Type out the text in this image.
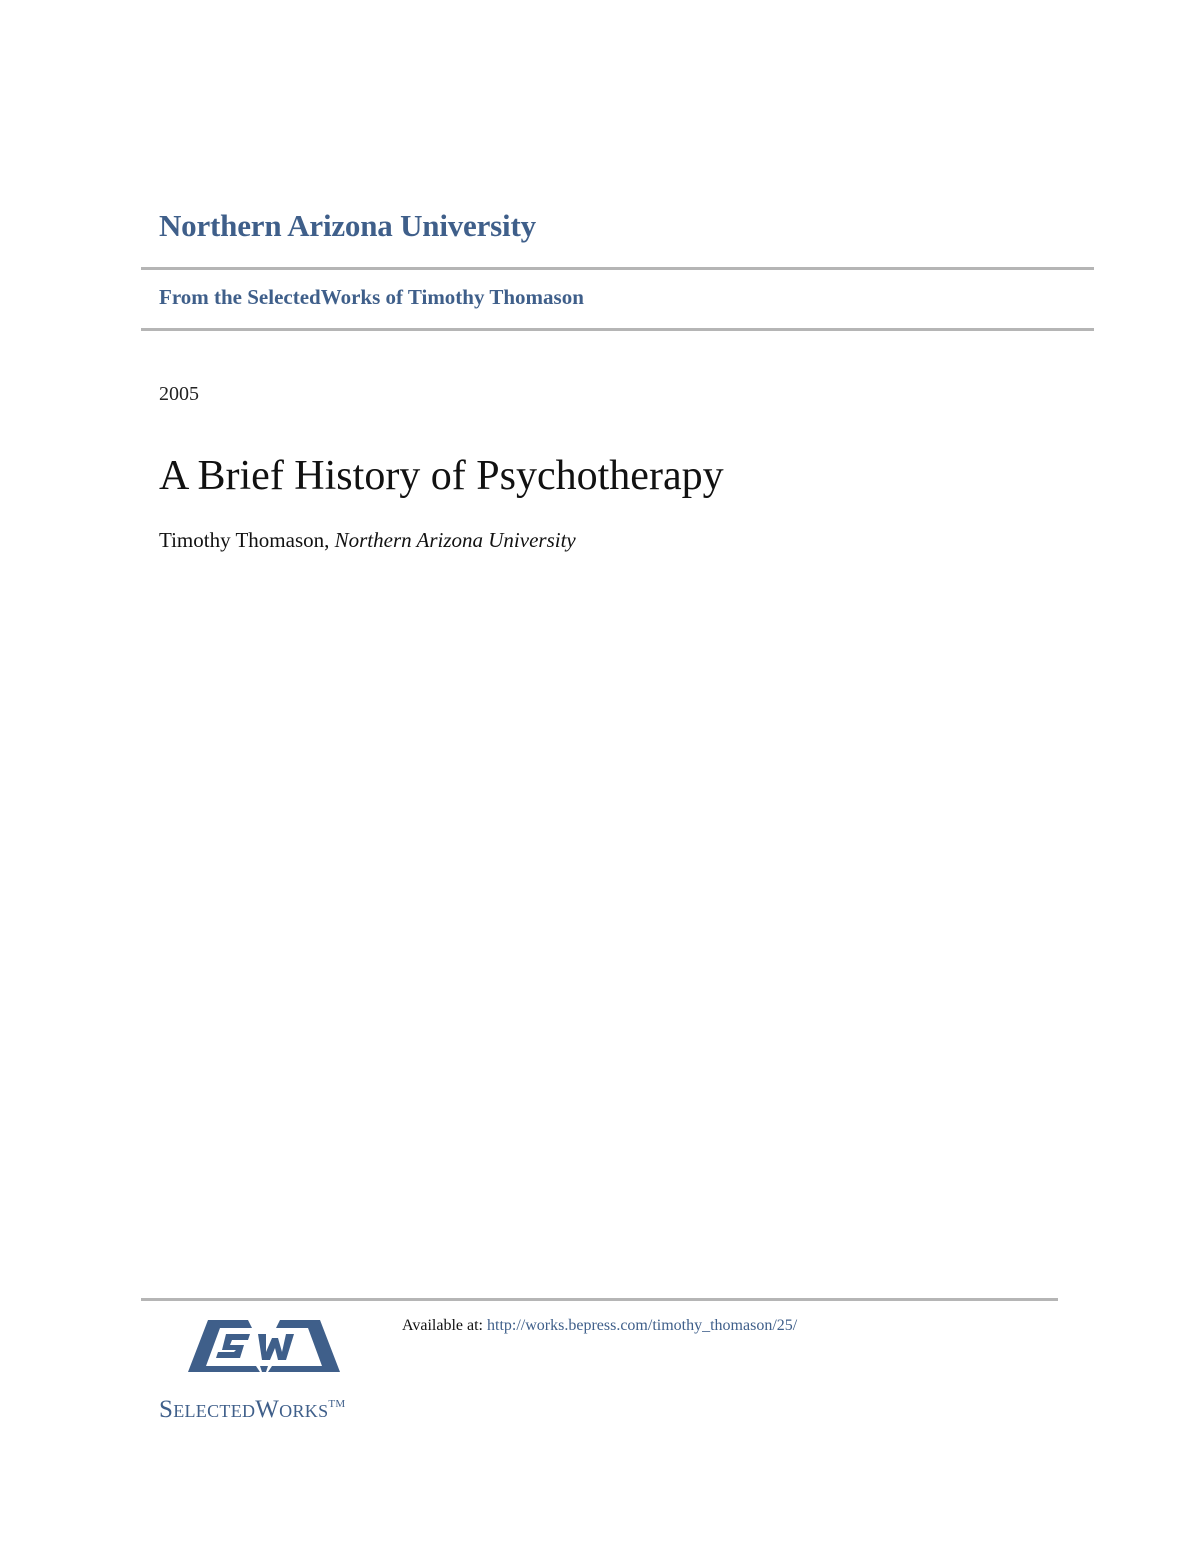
Northern Arizona University
From the SelectedWorks of Timothy Thomason
2005
A Brief History of Psychotherapy
Timothy Thomason, Northern Arizona University
SelectedWorks™
Available at: http://works.bepress.com/timothy_thomason/25/
